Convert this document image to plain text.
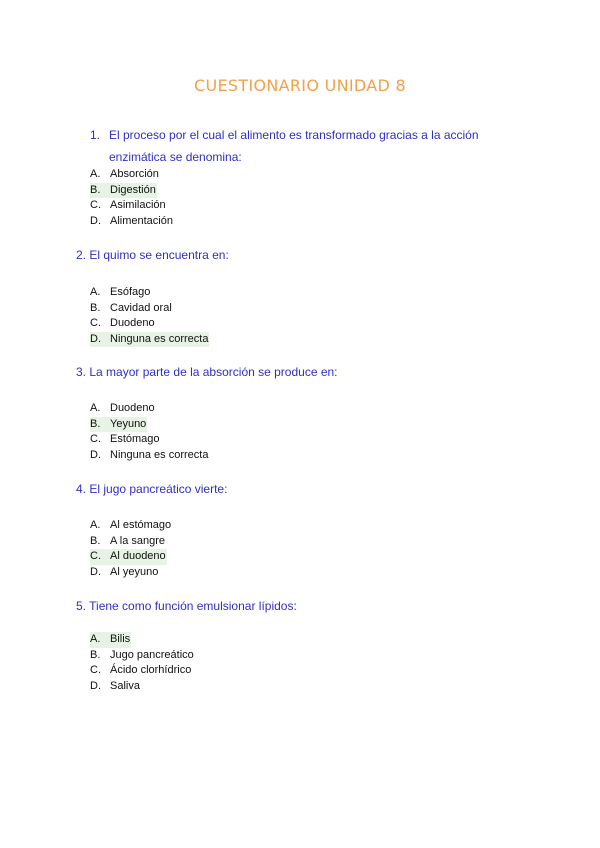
CUESTIONARIO UNIDAD 8
1. El proceso por el cual el alimento es transformado gracias a la acción enzimática se denomina:
A. Absorción
B. Digestión
C. Asimilación
D. Alimentación
2. El quimo se encuentra en:
A. Esófago
B. Cavidad oral
C. Duodeno
D. Ninguna es correcta
3. La mayor parte de la absorción se produce en:
A. Duodeno
B. Yeyuno
C. Estómago
D. Ninguna es correcta
4. El jugo pancreático vierte:
A. Al estómago
B. A la sangre
C. Al duodeno
D. Al yeyuno
5. Tiene como función emulsionar lípidos:
A. Bilis
B. Jugo pancreático
C. Ácido clorhídrico
D. Saliva
